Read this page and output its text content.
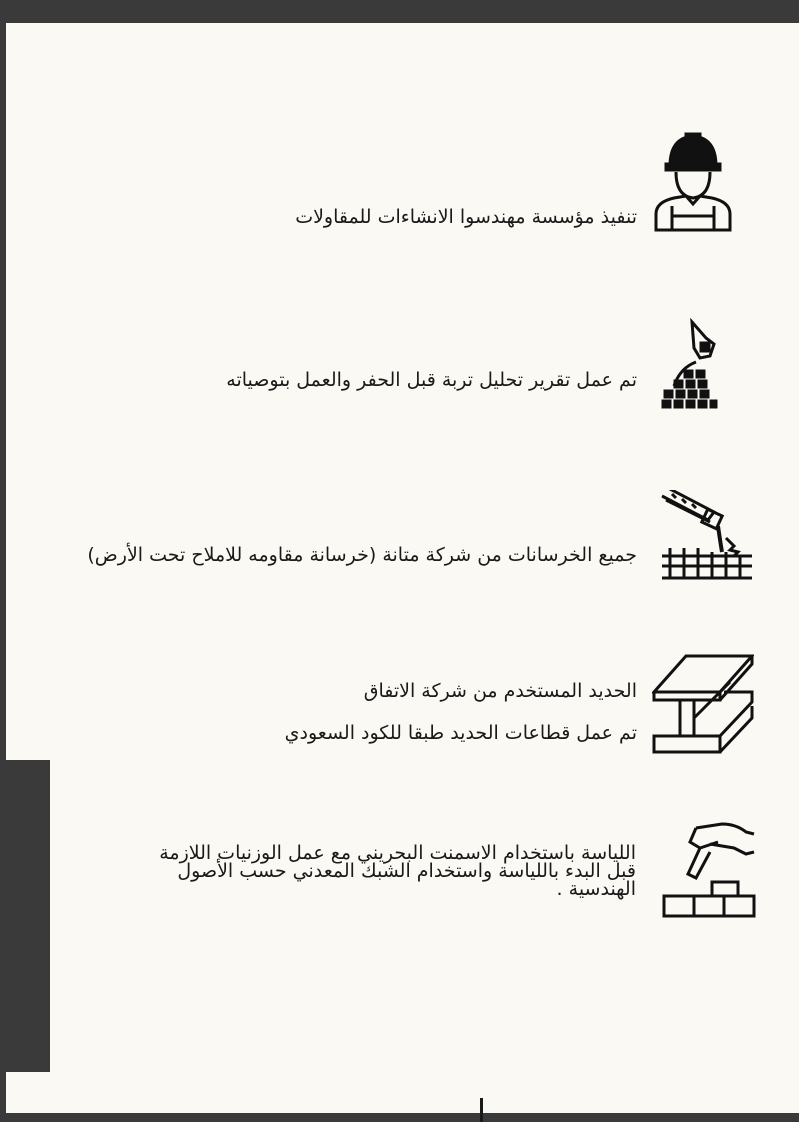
تنفيذ مؤسسة مهندسوا الانشاءات للمقاولات
تم عمل تقرير تحليل تربة قبل الحفر والعمل بتوصياته
جميع الخرسانات من شركة متانة (خرسانة مقاومه للاملاح تحت الأرض)
الحديد المستخدم من شركة الاتفاق
تم عمل قطاعات الحديد طبقا للكود السعودي
اللياسة باستخدام الاسمنت البحريني مع عمل الوزنيات اللازمة قبل البدء باللياسة واستخدام الشبك المعدني حسب الأصول الهندسية .
